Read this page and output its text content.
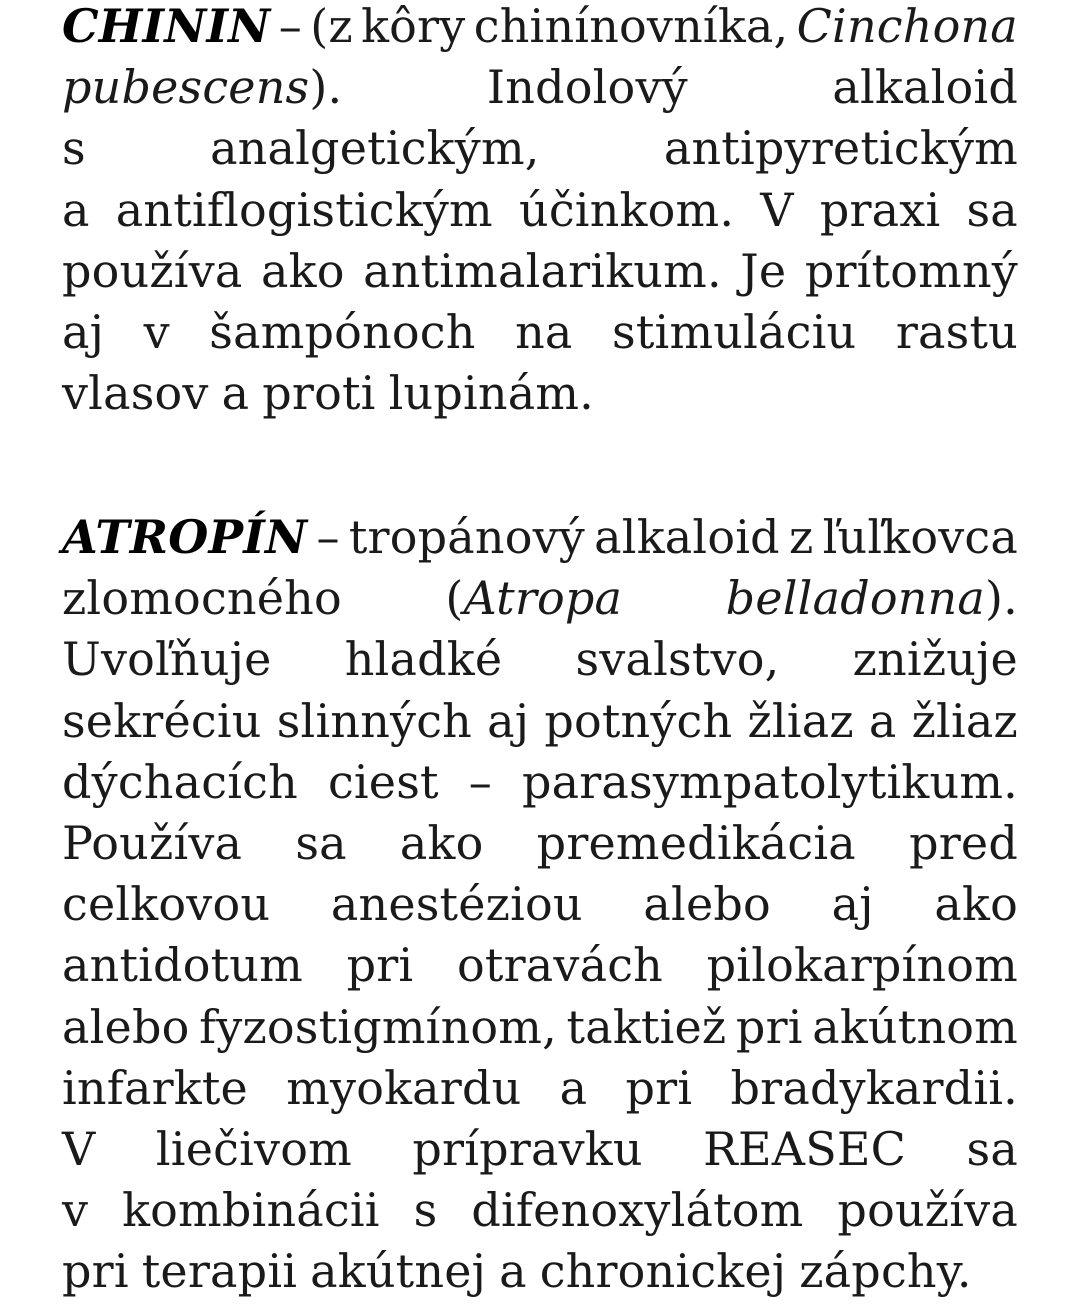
CHININ – (z kôry chinínovníka, Cinchona
pubescens).	Indolový	alkaloid
s	analgetickým,	antipyretickým
a antiflogistickým účinkom. V praxi sa
používa ako antimalarikum. Je prítomný
aj v šampónoch na stimuláciu rastu
vlasov a proti lupinám.
ATROPÍN – tropánový alkaloid z ľuľkovca
zlomocného (Atropa belladonna).
Uvoľňuje hladké svalstvo, znižuje
sekréciu slinných aj potných žliaz a žliaz
dýchacích ciest – parasympatolytikum.
Používa sa ako premedikácia pred
celkovou anestéziou alebo aj ako
antidotum pri otravách pilokarpínom
alebo fyzostigmínom, taktiež pri akútnom
infarkte myokardu a pri bradykardii.
V liečivom prípravku REASEC sa
v kombinácii s difenoxylátom používa
pri terapii akútnej a chronickej zápchy.
